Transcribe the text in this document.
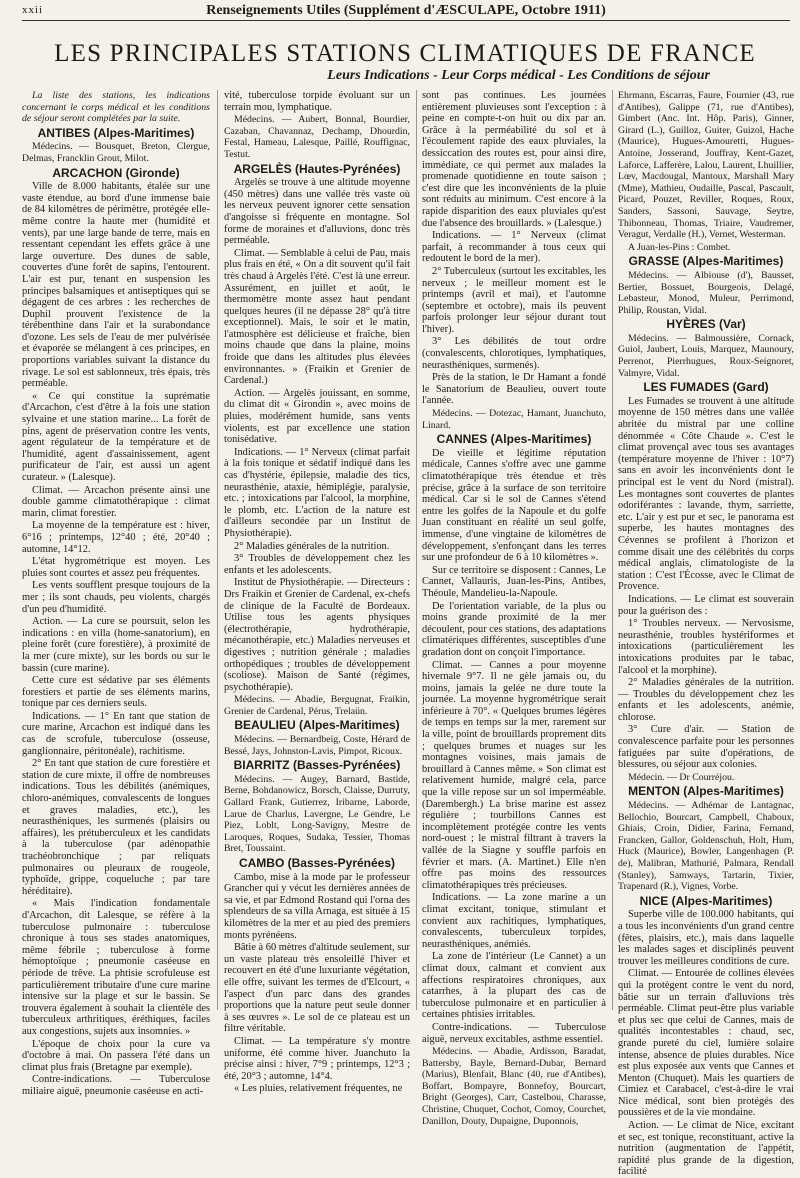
xxii	Renseignements Utiles (Supplément d'ÆSCULAPE, Octobre 1911)
LES PRINCIPALES STATIONS CLIMATIQUES DE FRANCE
Leurs Indications - Leur Corps médical - Les Conditions de séjour

La liste des stations, les indications concernant le corps médical et les conditions de séjour seront complétées par la suite.

ANTIBES (Alpes-Maritimes)

Médecins. — Bousquet, Breton, Clergue, Delmas, Francklin Grout, Milot.

ARCACHON (Gironde)

Ville de 8.000 habitants, étalée sur une vaste étendue, au bord d'une immense baie de 84 kilomètres de périmètre, protégée elle-même contre la haute mer (humidité et vents), par une large bande de terre, mais en ressentant cependant les effets grâce à une large ouverture. Des dunes de sable, couvertes d'une forêt de sapins, l'entourent. L'air est pur, tenant en suspension les principes balsamiques et antiseptiques qui se dégagent de ces arbres : les recherches de Duphil prouvent l'existence de la térébenthine dans l'air et la surabondance d'ozone. Les sels de l'eau de mer pulvérisée et évaporée se mélangent à ces principes, en proportions variables suivant la distance du rivage. Le sol est sablonneux, très épais, très perméable.

« Ce qui constitue la suprématie d'Arcachon, c'est d'être à la fois une station sylvaine et une station marine... La forêt de pins, agent de préservation contre les vents, agent régulateur de la température et de l'humidité, agent d'assainissement, agent purificateur de l'air, est aussi un agent curateur. » (Lalesque).

Climat. — Arcachon présente ainsi une double gamme climatothérapique : climat marin, climat forestier.

La moyenne de la température est : hiver, 6°16 ; printemps, 12°40 ; été, 20°40 ; automne, 14°12.

L'état hygrométrique est moyen. Les pluies sont courtes et assez peu fréquentes.

Les vents soufflent presque toujours de la mer ; ils sont chauds, peu violents, chargés d'un peu d'humidité.

Action. — La cure se poursuit, selon les indications : en villa (home-sanatorium), en pleine forêt (cure forestière), à proximité de la mer (cure mixte), sur les bords ou sur le bassin (cure marine).

Cette cure est sédative par ses éléments forestiers et partie de ses éléments marins, tonique par ces derniers seuls.

Indications. — 1° En tant que station de cure marine, Arcachon est indiqué dans les cas de scrofule, tuberculose (osseuse, ganglionnaire, péritonéale), rachitisme.

2° En tant que station de cure forestière et station de cure mixte, il offre de nombreuses indications. Tous les débilités (anémiques, chloro-anémiques, convalescents de longues et graves maladies, etc.), les neurasthéniques, les surmenés (plaisirs ou affaires), les prétuberculeux et les candidats à la tuberculose (par adénopathie trachéobronchique ; par reliquats pulmonaires ou pleuraux de rougeole, typhoïde, grippe, coqueluche ; par tare héréditaire).

« Mais l'indication fondamentale d'Arcachon, dit Lalesque, se réfère à la tuberculose pulmonaire : tuberculose chronique à tous ses stades anatomiques, même fébrile ; tuberculose à forme hémoptoïque ; pneumonie caséeuse en période de trêve. La phtisie scrofuleuse est particulièrement tributaire d'une cure marine intensive sur la plage et sur le bassin. Se trouvera également à souhait la clientèle des tuberculeux arthritiques, éréthiques, faciles aux congestions, sujets aux insomnies. »

L'époque de choix pour la cure va d'octobre à mai. On passera l'été dans un climat plus frais (Bretagne par exemple).

Contre-indications. — Tuberculose miliaire aiguë, pneumonie caséeuse en acti-

vité, tuberculose torpide évoluant sur un terrain mou, lymphatique.

Médecins. — Aubert, Bonnal, Bourdier, Cazaban, Chavannaz, Dechamp, Dhourdin, Festal, Hameau, Lalesque, Paillé, Rouffignac, Testut.

ARGELÈS (Hautes-Pyrénées)

Argelès se trouve à une altitude moyenne (450 mètres) dans une vallée très vaste où les nerveux peuvent ignorer cette sensation d'angoisse si fréquente en montagne. Sol forme de moraines et d'alluvions, donc très perméable.

Climat. — Semblable à celui de Pau, mais plus frais en été, « On a dit souvent qu'il fait très chaud à Argelès l'été. C'est là une erreur. Assurément, en juillet et août, le thermomètre monte assez haut pendant quelques heures (il ne dépasse 28° qu'à titre exceptionnel). Mais, le soir et le matin, l'atmosphère est délicieuse et fraîche, bien moins chaude que dans la plaine, moins froide que dans les altitudes plus élevées environnantes. » (Fraikin et Grenier de Cardenal.)

Action. — Argelès jouissant, en somme, du climat dit « Girondin », avec moins de pluies, modérément humide, sans vents violents, est par excellence une station tonisédative.

Indications. — 1° Nerveux (climat parfait à la fois tonique et sédatif indiqué dans les cas d'hystérie, épilepsie, maladie des tics, neurasthénie, ataxie, hémiplégie, paralysie, etc. ; intoxications par l'alcool, la morphine, le plomb, etc. L'action de la nature est d'ailleurs secondée par un Institut de Physiothérapie).

2° Maladies générales de la nutrition.

3° Troubles de développement chez les enfants et les adolescents.

Institut de Physiothérapie. — Directeurs : Drs Fraikin et Grenier de Cardenal, ex-chefs de clinique de la Faculté de Bordeaux. Utilise tous les agents physiques (électrothérapie, hydrothérapie, mécanothérapie, etc.) Maladies nerveuses et digestives ; nutrition générale ; maladies orthopédiques ; troubles de développement (scoliose). Maison de Santé (régimes, psychothérapie).

Médecins. — Abadie, Bergugnat, Fraikin, Grenier de Cardenal, Pérus, Trelaün.

BEAULIEU (Alpes-Maritimes)

Médecins. — Bernardbeig, Coste, Hérard de Bessé, Jays, Johnston-Lavis, Pimpot, Ricoux.

BIARRITZ (Basses-Pyrénées)

Médecins. — Augey, Barnard, Bastide, Berne, Bohdanowicz, Borsch, Claisse, Durruty, Gallard Frank, Gutierrez, Iribarne, Laborde, Larue de Charlus, Lavergne, Le Gendre, Le Piez, Loblt, Long-Savigny, Mestre de Laroques, Roques, Sudaka, Tessier, Thomas Bret, Toussaint.

CAMBO (Basses-Pyrénées)

Cambo, mise à la mode par le professeur Grancher qui y vécut les dernières années de sa vie, et par Edmond Rostand qui l'orna des splendeurs de sa villa Arnaga, est située à 15 kilomètres de la mer et au pied des premiers monts pyrénéens.

Bâtie à 60 mètres d'altitude seulement, sur un vaste plateau très ensoleillé l'hiver et recouvert en été d'une luxuriante végétation, elle offre, suivant les termes de d'Elcourt, « l'aspect d'un parc dans des grandes proportions que la nature peut seule donner à ses œuvres ». Le sol de ce plateau est un filtre véritable.

Climat. — La température s'y montre uniforme, été comme hiver. Juanchuto la précise ainsi : hiver, 7°9 ; printemps, 12°3 ; été, 20°3 ; automne, 14°4.

« Les pluies, relativement fréquentes, ne

sont pas continues. Les journées entièrement pluvieuses sont l'exception : à peine en compte-t-on huit ou dix par an. Grâce à la perméabilité du sol et à l'écoulement rapide des eaux pluviales, la dessiccation des routes est, pour ainsi dire, immédiate, ce qui permet aux malades la promenade quotidienne en toute saison ; c'est dire que les inconvénients de la pluie sont réduits au minimum. C'est encore à la rapide disparition des eaux pluviales qu'est due l'absence des brouillards. » (Lalesque.)

Indications. — 1° Nerveux (climat parfait, à recommander à tous ceux qui redoutent le bord de la mer).

2° Tuberculeux (surtout les excitables, les nerveux ; le meilleur moment est le printemps (avril et mai), et l'automne (septembre et octobre), mais ils peuvent parfois prolonger leur séjour durant tout l'hiver).

3° Les débilités de tout ordre (convalescents, chlorotiques, lymphatiques, neurasthéniques, surmenés).

Près de la station, le Dr Hamant a fondé le Sanatorium de Beaulieu, ouvert toute l'année.

Médecins. — Dotezac, Hamant, Juanchuto, Linard.

CANNES (Alpes-Maritimes)

De vieille et légitime réputation médicale, Cannes s'offre avec une gamme climatothérapique très étendue et très précise, grâce à la surface de son territoire médical. Car si le sol de Cannes s'étend entre les golfes de la Napoule et du golfe Juan constituant en réalité un seul golfe, immense, d'une vingtaine de kilomètres de développement, s'enfonçant dans les terres sur une profondeur de 6 à 10 kilomètres ».

Sur ce territoire se disposent : Cannes, Le Cannet, Vallauris, Juan-les-Pins, Antibes, Théoule, Mandelieu-la-Napoule.

De l'orientation variable, de la plus ou moins grande proximité de la mer découlent, pour ces stations, des adaptations climatériques différentes, susceptibles d'une gradation dont on conçoit l'importance.

Climat. — Cannes a pour moyenne hivernale 9°7. Il ne gèle jamais ou, du moins, jamais la gelée ne dure toute la journée. La moyenne hygrométrique serait inférieure à 70°. « Quelques brumes légères de temps en temps sur la mer, rarement sur la ville, point de brouillards proprement dits ; quelques brumes et nuages sur les montagnes voisines, mais jamais de brouillard à Cannes même. » Son climat est relativement humide, malgré cela, parce que la ville repose sur un sol imperméable. (Darembergh.) La brise marine est assez régulière ; tourbillons Cannes est incomplètement protégée contre les vents nord-ouest ; le mistral filtrant à travers la vallée de la Siagne y souffle parfois en février et mars. (A. Martinet.) Elle n'en offre pas moins des ressources climatothérapiques très précieuses.

Indications. — La zone marine a un climat excitant, tonique, stimulant et convient aux rachitiques, lymphatiques, convalescents, tuberculeux torpides, neurasthéniques, anémiés.

La zone de l'intérieur (Le Cannet) a un climat doux, calmant et convient aux affections respiratoires chroniques, aux catarrhes, à la plupart des cas de tuberculose pulmonaire et en particulier à certaines phtisies irritables.

Contre-indications. — Tuberculose aiguë, nerveux excitables, asthme essentiel.

Médecins. — Abadie, Ardisson, Baradat, Battersby, Bayle, Bernard-Dubar, Bernard (Marius), Blenfait, Blanc (40, rue d'Antibes), Boffart, Bompayre, Bonnefoy, Bourcart, Bright (Georges), Carr, Castelbou, Charasse, Christine, Chuquet, Cochot, Comoy, Courchet, Danillon, Douty, Dupaigne, Duponnois,

Ehrmann, Escarras, Faure, Fournier (43, rue d'Antibes), Galippe (71, rue d'Antibes), Gimbert (Anc. Int. Hôp. Paris), Ginner, Girard (L.), Guilloz, Guiter, Guizol, Hache (Maurice), Hugues-Amouretti, Hugues-Antoine, Josserand, Jouffray, Kent-Gazet, Laforce, Lafferère, Lalou, Laurent, Lhuillier, Lœv, Macdougal, Mantoux, Marshall Mary (Mme), Mathieu, Oudaille, Pascal, Pascault, Picard, Pouzet, Reviller, Roques, Roux, Sanders, Sassoni, Sauvage, Seytre, Thibonneau, Thomas, Triaire, Vaudremer, Veragut, Verdalle (H.), Vernet, Westerman.

A Juan-les-Pins : Combet.

GRASSE (Alpes-Maritimes)

Médecins. — Albiouse (d'), Bausset, Bertier, Bossuet, Bourgeois, Delagé, Lebasteur, Monod, Muleur, Perrimond, Philip, Roustan, Vidal.

HYÈRES (Var)

Médecins. — Balmoussière, Cornack, Guiol, Jaubert, Louis, Marquez, Maunoury, Perrenot, Pierrhugues, Roux-Seignoret, Valmyre, Vidal.

LES FUMADES (Gard)

Les Fumades se trouvent à une altitude moyenne de 150 mètres dans une vallée abritée du mistral par une colline dénommée « Côte Chaude ». C'est le climat provençal avec tous ses avantages (température moyenne de l'hiver : 10°7) sans en avoir les inconvénients dont le principal est le vent du Nord (mistral). Les montagnes sont couvertes de plantes odoriférantes : lavande, thym, sarriette, etc. L'air y est pur et sec, le panorama est superbe, les hautes montagnes des Cévennes se profilent à l'horizon et comme disait une des célébrités du corps médical anglais, climatologiste de la station : C'est l'Écosse, avec le Climat de Provence.

Indications. — Le climat est souverain pour la guérison des :

1° Troubles nerveux. — Nervosisme, neurasthénie, troubles hystériformes et intoxications (particulièrement les intoxications produites par le tabac, l'alcool et la morphine).

2° Maladies générales de la nutrition. — Troubles du développement chez les enfants et les adolescents, anémie, chlorose.

3° Cure d'air. — Station de convalescence parfaite pour les personnes fatiguées par suite d'opérations, de blessures, ou séjour aux colonies.

Médecin. — Dr Courréjou.

MENTON (Alpes-Maritimes)

Médecins. — Adhémar de Lantagnac, Bellochio, Bourcart, Campbell, Chaboux, Ghiais, Croin, Didier, Farina, Fernand, Francken, Gallor, Goldenschuh, Holt, Hum, Huck (Maurice), Bowler, Langenhagen (P. de), Malibran, Mathurié, Palmara, Rendall (Stanley), Samways, Tartarin, Tixier, Trapenard (R.), Vignes, Vorbe.

NICE (Alpes-Maritimes)

Superbe ville de 100.000 habitants, qui a tous les inconvénients d'un grand centre (fêtes, plaisirs, etc.), mais dans laquelle les malades sages et disciplinés peuvent trouver les meilleures conditions de cure.

Climat. — Entourée de collines élevées qui la protègent contre le vent du nord, bâtie sur un terrain d'alluvions très perméable. Climat peut-être plus variable et plus sec que celui de Cannes, mais de qualités incontestables : chaud, sec, grande pureté du ciel, lumière solaire intense, absence de pluies durables. Nice est plus exposée aux vents que Cannes et Menton (Chuquet). Mais les quartiers de Cimiez et Carabacel, c'est-à-dire le vrai Nice médical, sont bien protégés des poussières et de la vie mondaine.

Action. — Le climat de Nice, excitant et sec, est tonique, reconstituant, active la nutrition (augmentation de l'appétit, rapidité plus grande de la digestion, facilité
